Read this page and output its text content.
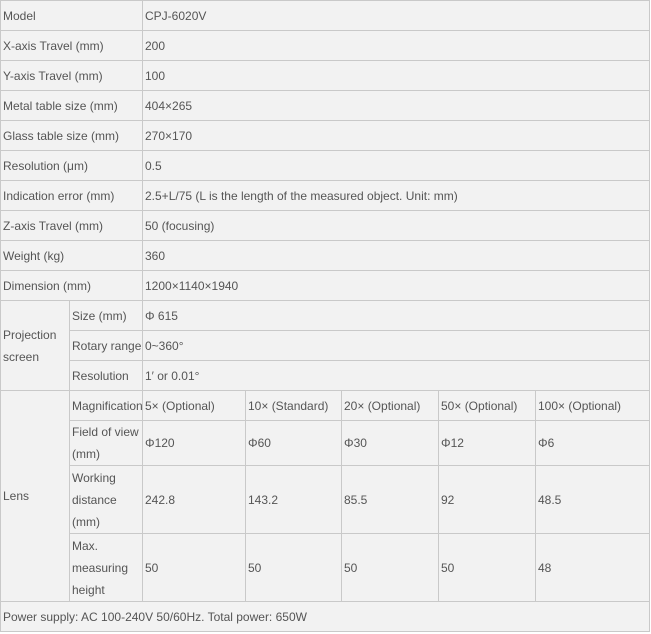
Model		CPJ-6020V				
X-axis Travel (mm)		200				
Y-axis Travel (mm)		100				
Metal table size (mm)		404×265				
Glass table size (mm)		270×170				
Resolution (μm)		0.5				
Indication error (mm)		2.5+L/75 (L is the length of the measured object. Unit: mm)				
Z-axis Travel (mm)		50 (focusing)				
Weight (kg)		360				
Dimension (mm)		1200×1140×1940				
Projection screen	Size (mm)	Φ 615				
	Rotary range	0~360°				
	Resolution	1′ or 0.01°				
Lens	Magnification	5× (Optional)	10× (Standard)	20× (Optional)	50× (Optional)	100× (Optional)
	Field of view (mm)	Φ120	Φ60	Φ30	Φ12	Φ6
	Working distance (mm)	242.8	143.2	85.5	92	48.5
	Max. measuring height	50	50	50	50	48
Power supply: AC 100-240V 50/60Hz. Total power: 650W						
